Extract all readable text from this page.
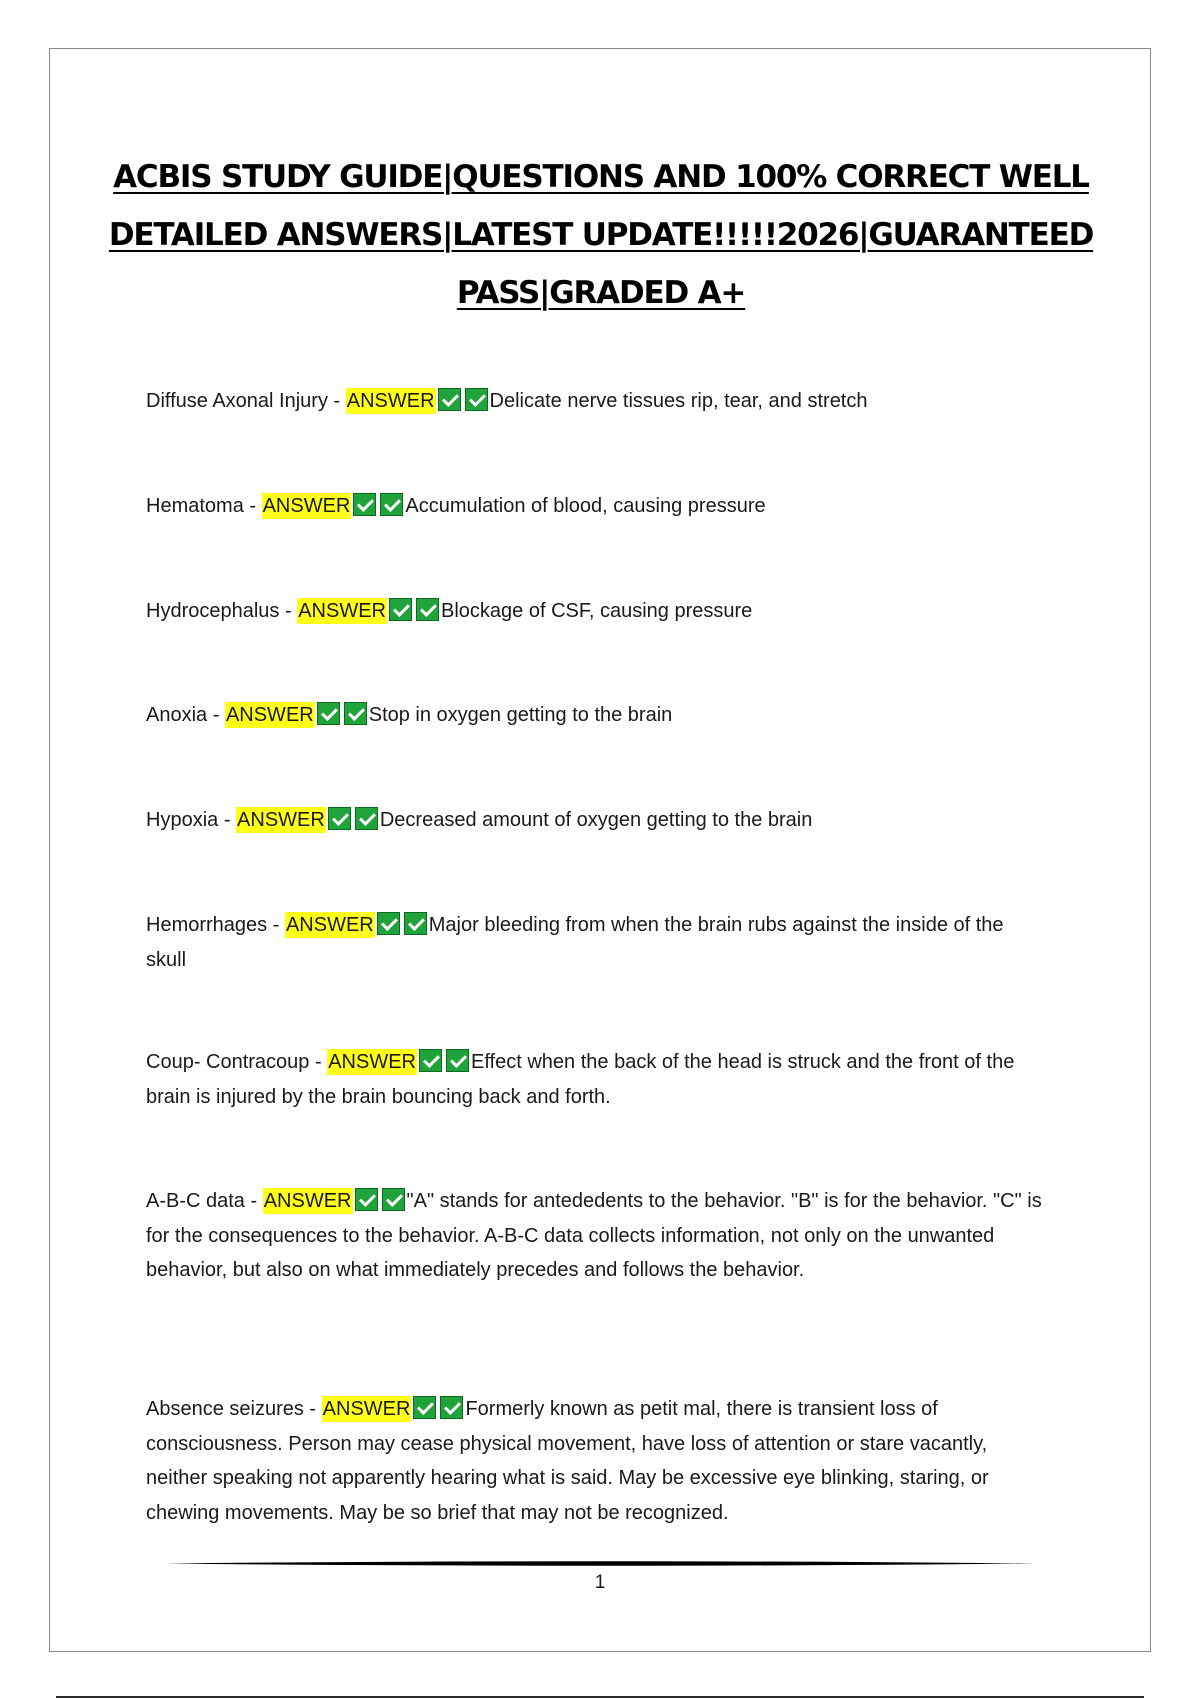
ACBIS STUDY GUIDE|QUESTIONS AND 100% CORRECT WELL DETAILED ANSWERS|LATEST UPDATE!!!!!2026|GUARANTEED PASS|GRADED A+

Diffuse Axonal Injury - ANSWER	Delicate nerve tissues rip, tear, and stretch

Hematoma - ANSWER	Accumulation of blood, causing pressure

Hydrocephalus - ANSWER	Blockage of CSF, causing pressure

Anoxia - ANSWER	Stop in oxygen getting to the brain

Hypoxia - ANSWER	Decreased amount of oxygen getting to the brain

Hemorrhages - ANSWER	Major bleeding from when the brain rubs against the inside of the skull

Coup- Contracoup - ANSWER	Effect when the back of the head is struck and the front of the brain is injured by the brain bouncing back and forth.

A-B-C data - ANSWER	"A" stands for antededents to the behavior. "B" is for the behavior. "C" is for the consequences to the behavior. A-B-C data collects information, not only on the unwanted behavior, but also on what immediately precedes and follows the behavior.

Absence seizures - ANSWER	Formerly known as petit mal, there is transient loss of consciousness. Person may cease physical movement, have loss of attention or stare vacantly, neither speaking not apparently hearing what is said. May be excessive eye blinking, staring, or chewing movements. May be so brief that may not be recognized.

1
